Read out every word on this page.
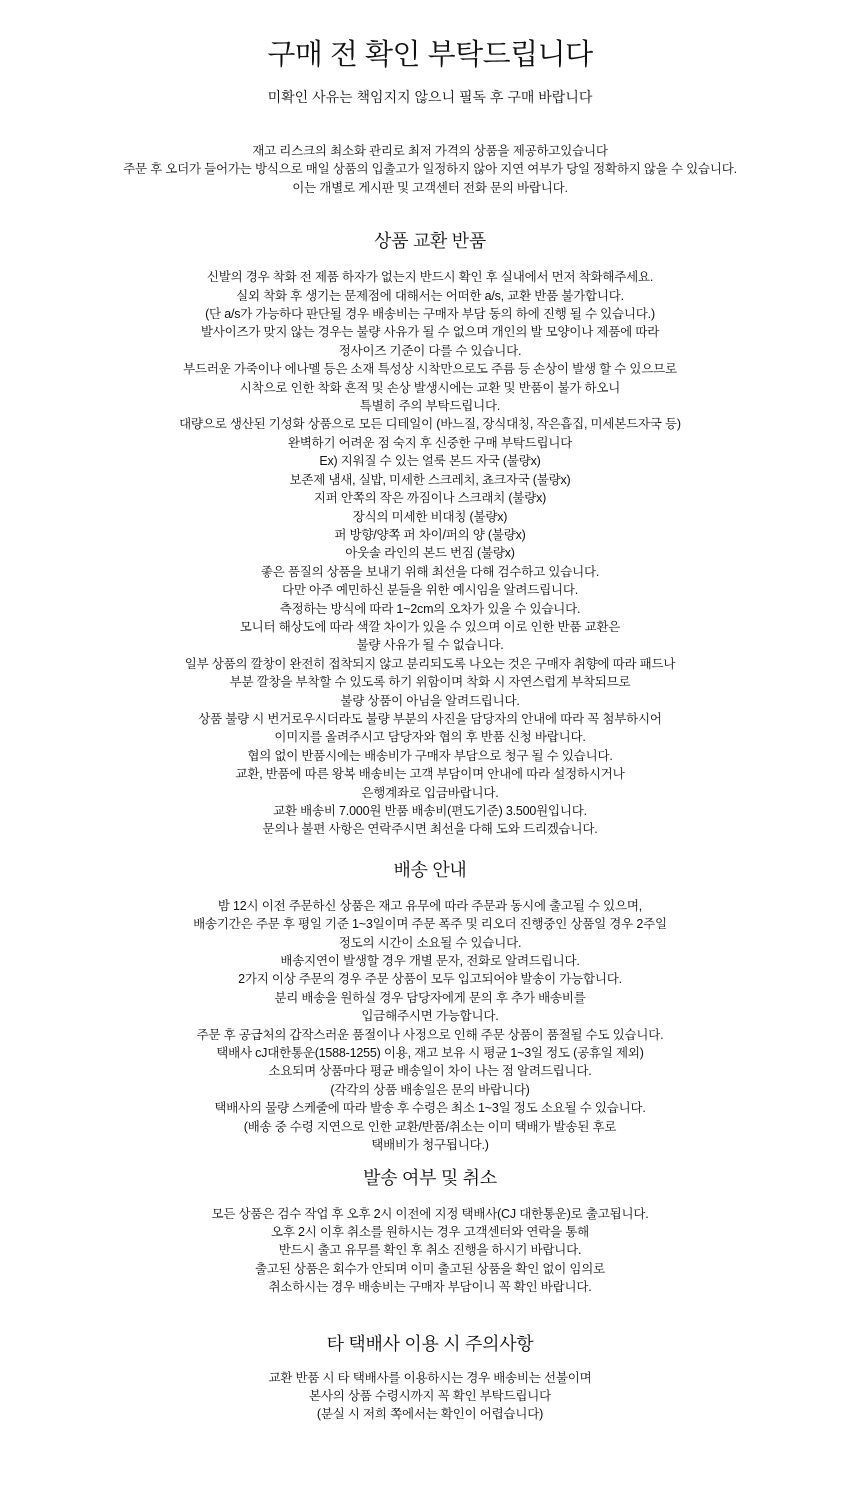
구매 전 확인 부탁드립니다

미확인 사유는 책임지지 않으니 필독 후 구매 바랍니다

재고 리스크의 최소화 관리로 최저 가격의 상품을 제공하고있습니다
주문 후 오더가 들어가는 방식으로 매일 상품의 입출고가 일정하지 않아 지연 여부가 당일 정확하지 않을 수 있습니다.
이는 개별로 게시판 및 고객센터 전화 문의 바랍니다.
상품 교환 반품
신발의 경우 착화 전 제품 하자가 없는지 반드시 확인 후 실내에서 먼저 착화해주세요.
실외 착화 후 생기는 문제점에 대해서는 어떠한 a/s, 교환 반품 불가합니다.
(단 a/s가 가능하다 판단될 경우 배송비는 구매자 부담 동의 하에 진행 될 수 있습니다.)
발사이즈가 맞지 않는 경우는 불량 사유가 될 수 없으며 개인의 발 모양이나 제품에 따라
정사이즈 기준이 다를 수 있습니다.
부드러운 가죽이나 에나멜 등은 소재 특성상 시착만으로도 주름 등 손상이 발생 할 수 있으므로
시착으로 인한 착화 흔적 및 손상 발생시에는 교환 및 반품이 불가 하오니
특별히 주의 부탁드립니다.
대량으로 생산된 기성화 상품으로 모든 디테일이 (바느질, 장식대칭, 작은흡집, 미세본드자국 등)
완벽하기 어려운 점 숙지 후 신중한 구매 부탁드립니다
Ex) 지워질 수 있는 얼룩 본드 자국 (불량x)
보존제 냄새, 실밥, 미세한 스크레치, 쵸크자국 (불량x)
지퍼 안쪽의 작은 까짐이나 스크래치 (불량x)
장식의 미세한 비대칭 (불량x)
퍼 방향/양쪽 퍼 차이/퍼의 양 (불량x)
아웃솔 라인의 본드 번짐 (불량x)
좋은 품질의 상품을 보내기 위해 최선을 다해 검수하고 있습니다.
다만 아주 예민하신 분들을 위한 예시임을 알려드립니다.
측정하는 방식에 따라 1~2cm의 오차가 있을 수 있습니다.
모니터 해상도에 따라 색깔 차이가 있을 수 있으며 이로 인한 반품 교환은
불량 사유가 될 수 없습니다.
일부 상품의 깔창이 완전히 접착되지 않고 분리되도록 나오는 것은 구매자 취향에 따라 패드나
부분 깔창을 부착할 수 있도록 하기 위함이며 착화 시 자연스럽게 부착되므로
불량 상품이 아님을 알려드립니다.
상품 불량 시 번거로우시더라도 불량 부분의 사진을 담당자의 안내에 따라 꼭 첨부하시어
이미지를 올려주시고 담당자와 협의 후 반품 신청 바랍니다.
협의 없이 반품시에는 배송비가 구매자 부담으로 청구 될 수 있습니다.
교환, 반품에 따른 왕복 배송비는 고객 부담이며 안내에 따라 설정하시거나
은행계좌로 입금바랍니다.
교환 배송비 7.000원 반품 배송비(편도기준) 3.500원입니다.
문의나 불편 사항은 연락주시면 최선을 다해 도와 드리겠습니다.
배송 안내
밤 12시 이전 주문하신 상품은 재고 유무에 따라 주문과 동시에 출고될 수 있으며,
배송기간은 주문 후 평일 기준 1~3일이며 주문 폭주 및 리오더 진행중인 상품일 경우 2주일
정도의 시간이 소요될 수 있습니다.
배송지연이 발생할 경우 개별 문자, 전화로 알려드립니다.
2가지 이상 주문의 경우 주문 상품이 모두 입고되어야 발송이 가능합니다.
분리 배송을 원하실 경우 담당자에게 문의 후 추가 배송비를
입금해주시면 가능합니다.
주문 후 공급처의 갑작스러운 품절이나 사정으로 인해 주문 상품이 품절될 수도 있습니다.
택배사 cJ대한통운(1588-1255) 이용, 재고 보유 시 평균 1~3일 정도 (공휴일 제외)
소요되며 상품마다 평균 배송일이 차이 나는 점 알려드립니다.
(각각의 상품 배송일은 문의 바랍니다)
택배사의 물량 스케줄에 따라 발송 후 수령은 최소 1~3일 정도 소요될 수 있습니다.
(배송 중 수령 지연으로 인한 교환/반품/취소는 이미 택배가 발송된 후로
택배비가 청구됩니다.)
발송 여부 및 취소
모든 상품은 검수 작업 후 오후 2시 이전에 지정 택배사(CJ 대한통운)로 출고됩니다.
오후 2시 이후 취소를 원하시는 경우 고객센터와 연락을 통해
반드시 출고 유무를 확인 후 취소 진행을 하시기 바랍니다.
출고된 상품은 회수가 안되며 이미 출고된 상품을 확인 없이 임의로
취소하시는 경우 배송비는 구매자 부담이니 꼭 확인 바랍니다.
타 택배사 이용 시 주의사항
교환 반품 시 타 택배사를 이용하시는 경우 배송비는 선불이며
본사의 상품 수령시까지 꼭 확인 부탁드립니다
(분실 시 저희 쪽에서는 확인이 어렵습니다)
